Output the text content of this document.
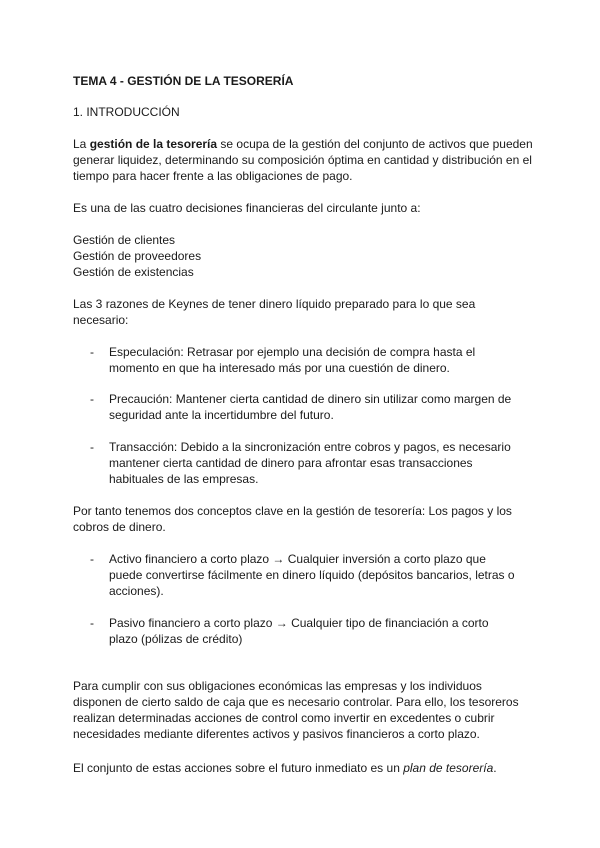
TEMA 4 - GESTIÓN DE LA TESORERÍA
1. INTRODUCCIÓN

La gestión de la tesorería se ocupa de la gestión del conjunto de activos que pueden generar liquidez, determinando su composición óptima en cantidad y distribución en el tiempo para hacer frente a las obligaciones de pago.

Es una de las cuatro decisiones financieras del circulante junto a:

Gestión de clientes
Gestión de proveedores
Gestión de existencias

Las 3 razones de Keynes de tener dinero líquido preparado para lo que sea necesario:

- Especulación: Retrasar por ejemplo una decisión de compra hasta el momento en que ha interesado más por una cuestión de dinero.
- Precaución: Mantener cierta cantidad de dinero sin utilizar como margen de seguridad ante la incertidumbre del futuro.
- Transacción: Debido a la sincronización entre cobros y pagos, es necesario mantener cierta cantidad de dinero para afrontar esas transacciones habituales de las empresas.

Por tanto tenemos dos conceptos clave en la gestión de tesorería: Los pagos y los cobros de dinero.

- Activo financiero a corto plazo → Cualquier inversión a corto plazo que puede convertirse fácilmente en dinero líquido (depósitos bancarios, letras o acciones).
- Pasivo financiero a corto plazo → Cualquier tipo de financiación a corto plazo (pólizas de crédito)

Para cumplir con sus obligaciones económicas las empresas y los individuos disponen de cierto saldo de caja que es necesario controlar. Para ello, los tesoreros realizan determinadas acciones de control como invertir en excedentes o cubrir necesidades mediante diferentes activos y pasivos financieros a corto plazo.

El conjunto de estas acciones sobre el futuro inmediato es un plan de tesorería.
